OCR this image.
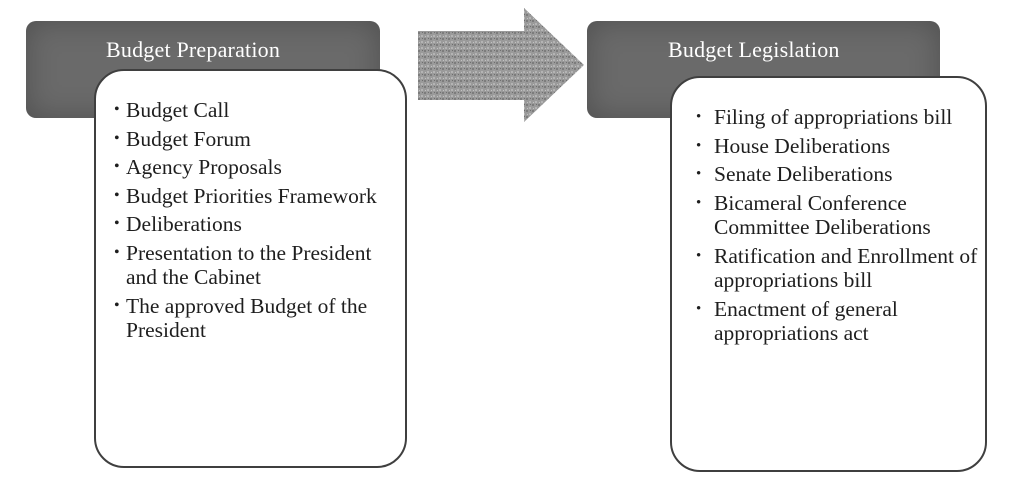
Budget Preparation
• Budget Call
• Budget Forum
• Agency Proposals
• Budget Priorities Framework
• Deliberations
• Presentation to the President and the Cabinet
• The approved Budget of the President
Budget Legislation
• Filing of appropriations bill
• House Deliberations
• Senate Deliberations
• Bicameral Conference Committee Deliberations
• Ratification and Enrollment of appropriations bill
• Enactment of general appropriations act
